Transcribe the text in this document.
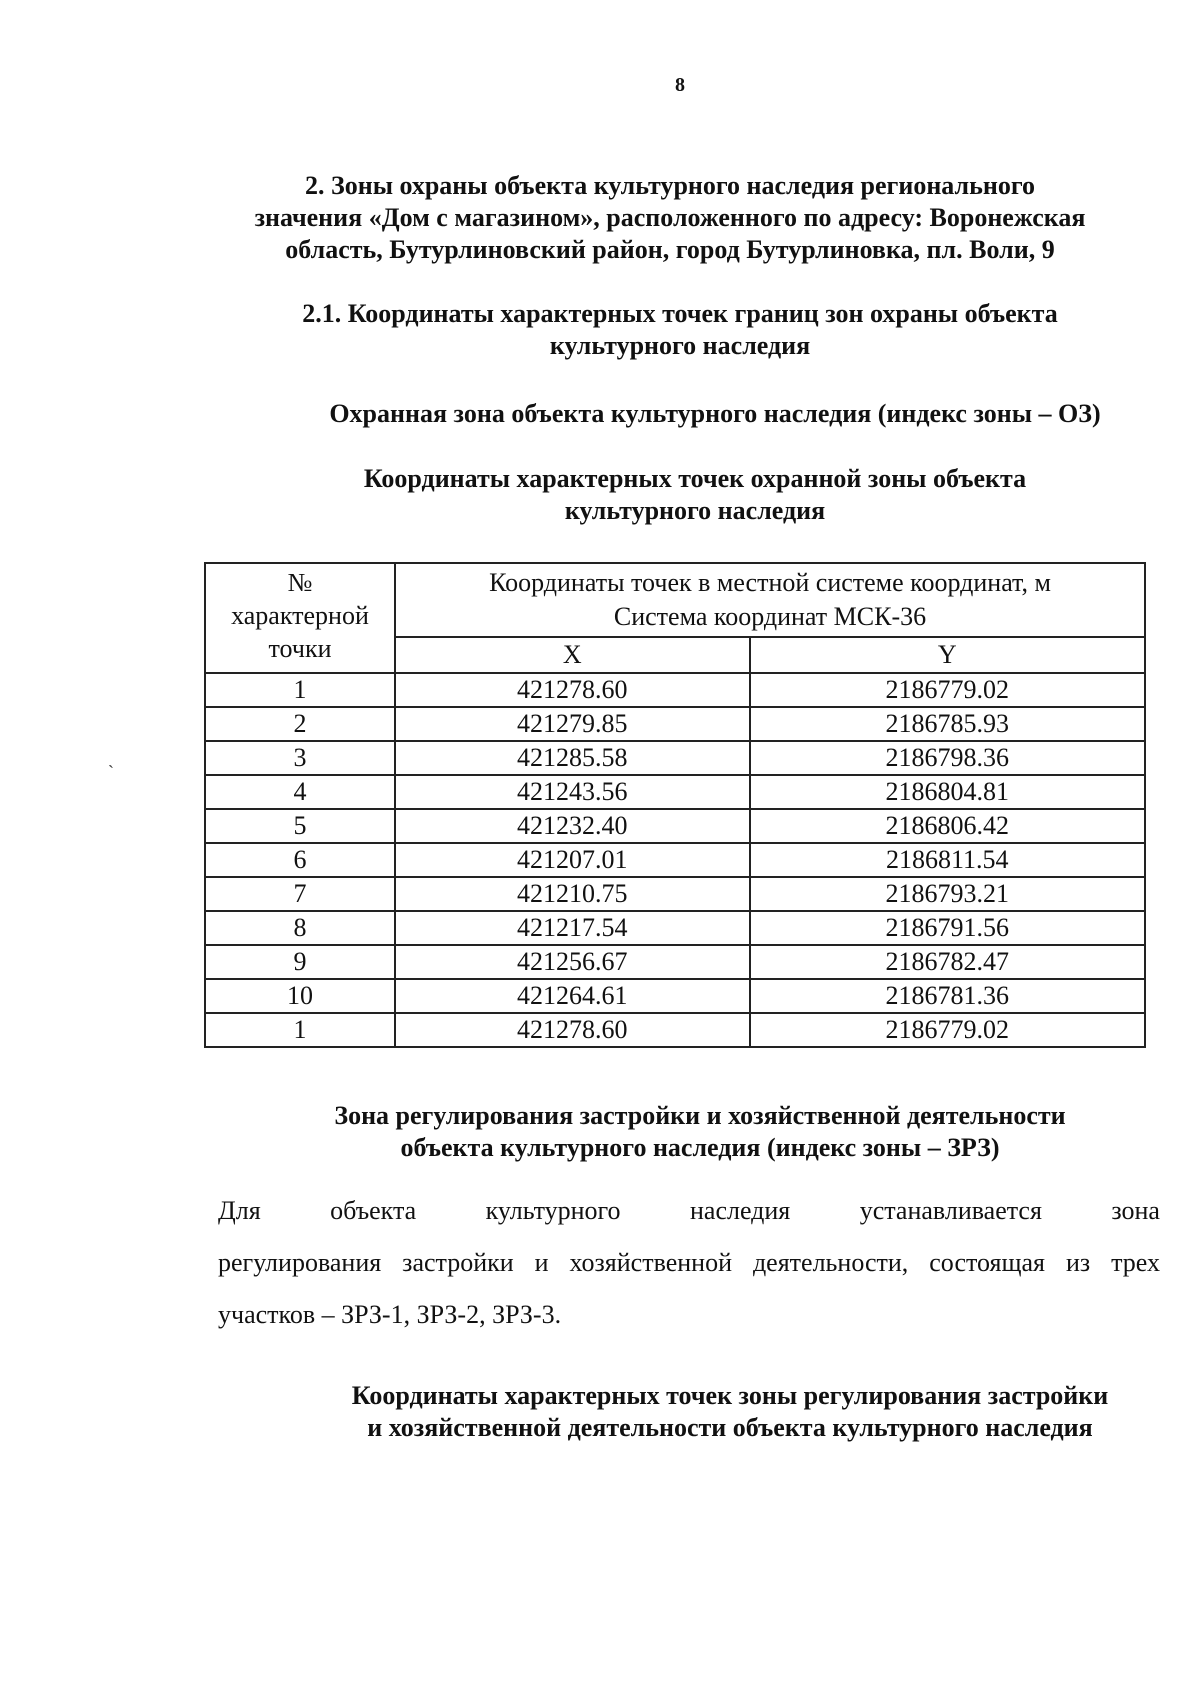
8
2. Зоны охраны объекта культурного наследия регионального
значения «Дом с магазином», расположенного по адресу: Воронежская
область, Бутурлиновский район, город Бутурлиновка, пл. Воли, 9
2.1. Координаты характерных точек границ зон охраны объекта
культурного наследия
Охранная зона объекта культурного наследия (индекс зоны – ОЗ)
Координаты характерных точек охранной зоны объекта
культурного наследия
ˏ
№
характерной
точки	Координаты точек в местной системе координат, м
Система координат МСК-36	

	X	Y
1	421278.60	2186779.02
2	421279.85	2186785.93
3	421285.58	2186798.36
4	421243.56	2186804.81
5	421232.40	2186806.42
6	421207.01	2186811.54
7	421210.75	2186793.21
8	421217.54	2186791.56
9	421256.67	2186782.47
10	421264.61	2186781.36
1	421278.60	2186779.02
Зона регулирования застройки и хозяйственной деятельности
объекта культурного наследия (индекс зоны – ЗРЗ)
Для	объекта	культурного	наследия	устанавливается	зона
регулирования застройки и хозяйственной деятельности, состоящая из трех
участков – ЗРЗ-1, ЗРЗ-2, ЗРЗ-3.
Координаты характерных точек зоны регулирования застройки
и хозяйственной деятельности объекта культурного наследия
